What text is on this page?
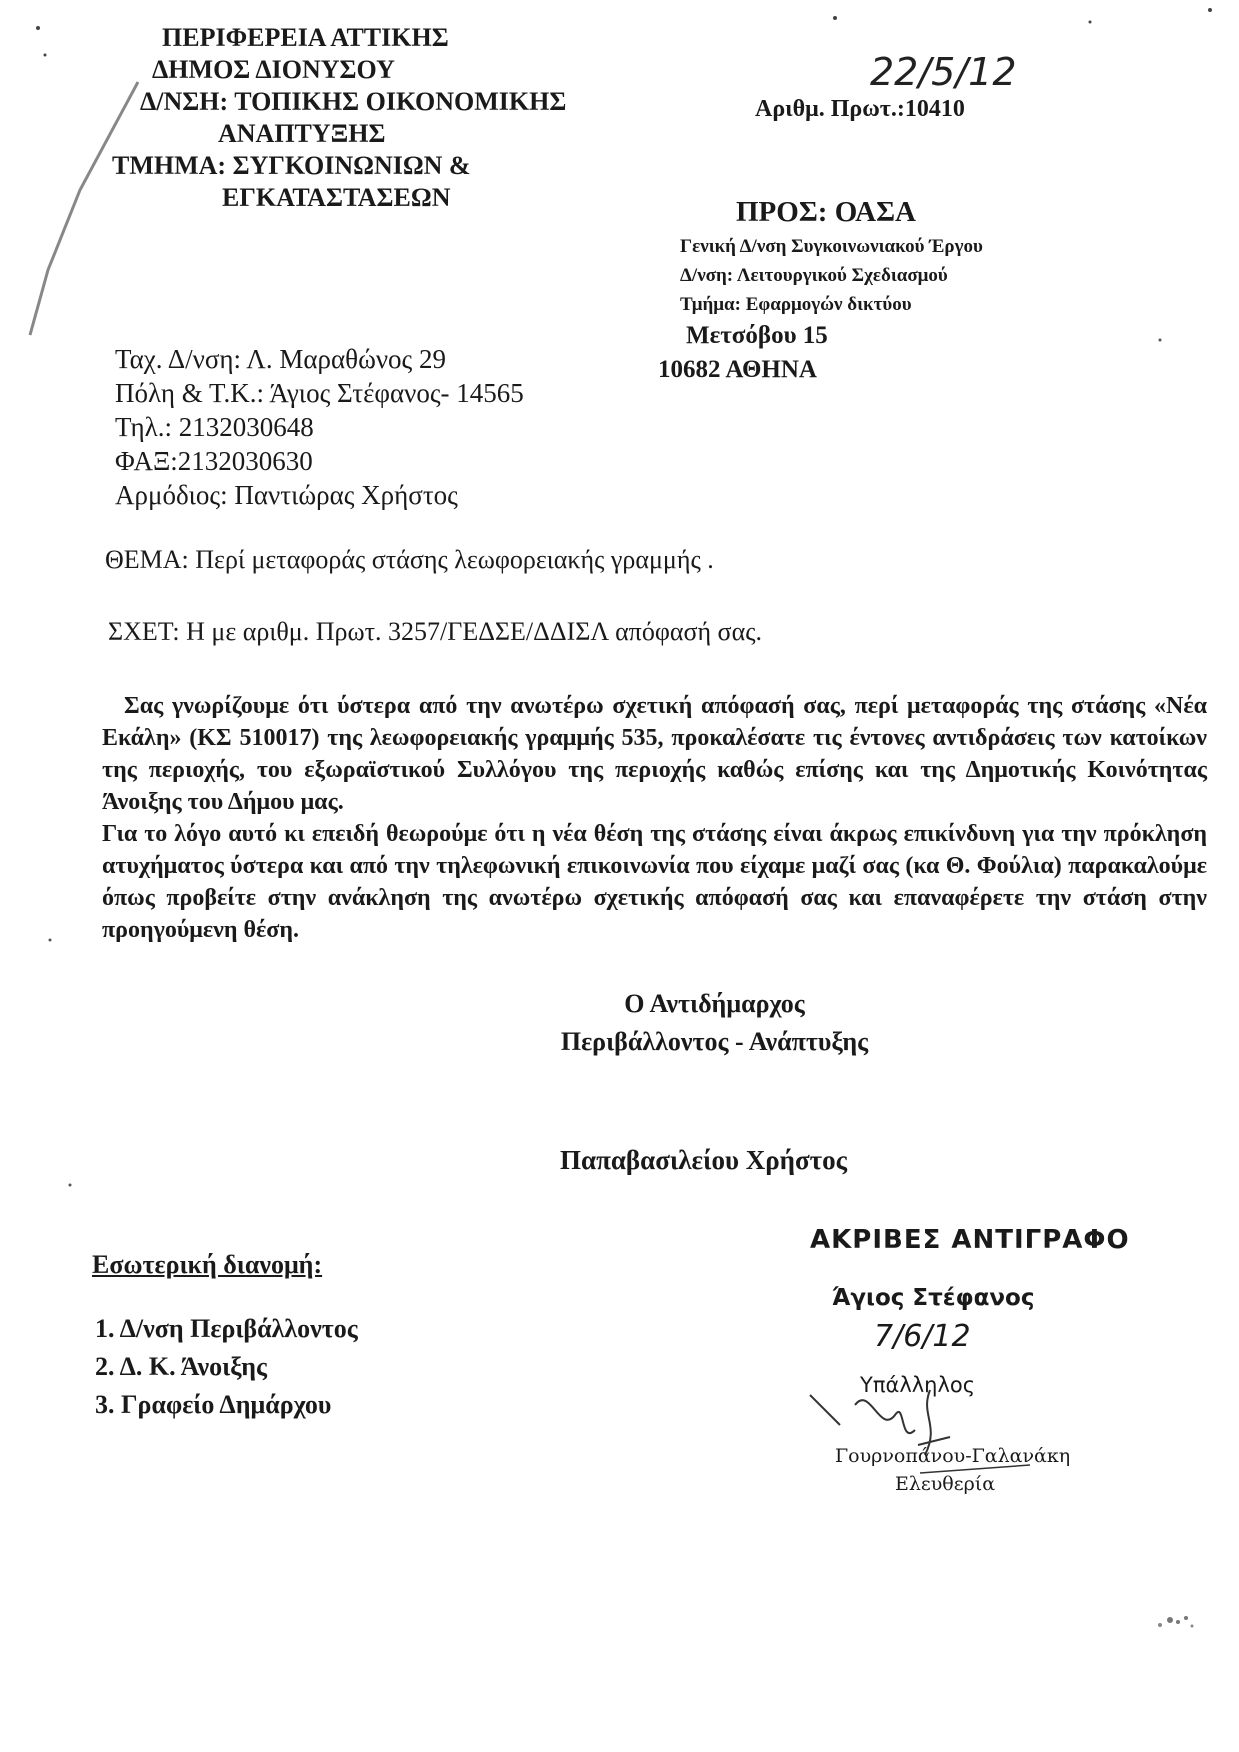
ΠΕΡΙΦΕΡΕΙΑ ΑΤΤΙΚΗΣ
ΔΗΜΟΣ ΔΙΟΝΥΣΟΥ
Δ/ΝΣΗ: ΤΟΠΙΚΗΣ ΟΙΚΟΝΟΜΙΚΗΣ
ΑΝΑΠΤΥΞΗΣ
ΤΜΗΜΑ: ΣΥΓΚΟΙΝΩΝΙΩΝ &
ΕΓΚΑΤΑΣΤΑΣΕΩΝ
22/5/12
Αριθμ. Πρωτ.:10410
ΠΡΟΣ: ΟΑΣΑ
Γενική Δ/νση Συγκοινωνιακού Έργου
Δ/νση: Λειτουργικού Σχεδιασμού
Τμήμα: Εφαρμογών δικτύου
Μετσόβου 15
10682 ΑΘΗΝΑ
Ταχ. Δ/νση: Λ. Μαραθώνος 29
Πόλη & Τ.Κ.: Άγιος Στέφανος- 14565
Τηλ.: 2132030648
ΦΑΞ:2132030630
Αρμόδιος: Παντιώρας Χρήστος
ΘΕΜΑ: Περί μεταφοράς στάσης λεωφορειακής γραμμής .
ΣΧΕΤ: Η με αριθμ. Πρωτ. 3257/ΓΕΔΣΕ/ΔΔΙΣΛ απόφασή σας.

Σας γνωρίζουμε ότι ύστερα από την ανωτέρω σχετική απόφασή σας, περί μεταφοράς της στάσης «Νέα Εκάλη» (ΚΣ 510017) της λεωφορειακής γραμμής 535, προκαλέσατε τις έντονες αντιδράσεις των κατοίκων της περιοχής, του εξωραϊστικού Συλλόγου της περιοχής καθώς επίσης και της Δημοτικής Κοινότητας Άνοιξης του Δήμου μας.

Για το λόγο αυτό κι επειδή θεωρούμε ότι η νέα θέση της στάσης είναι άκρως επικίνδυνη για την πρόκληση ατυχήματος ύστερα και από την τηλεφωνική επικοινωνία που είχαμε μαζί σας (κα Θ. Φούλια) παρακαλούμε όπως προβείτε στην ανάκληση της ανωτέρω σχετικής απόφασή σας και επαναφέρετε την στάση στην προηγούμενη θέση.

Ο Αντιδήμαρχος
Περιβάλλοντος - Ανάπτυξης
Παπαβασιλείου Χρήστος
Εσωτερική διανομή:
1. Δ/νση Περιβάλλοντος
2. Δ. Κ. Άνοιξης
3. Γραφείο Δημάρχου
ΑΚΡΙΒΕΣ ΑΝΤΙΓΡΑΦΟ
Άγιος Στέφανος
7/6/12
Υπάλληλος
Γουρνοπάνου-Γαλανάκη
Ελευθερία
